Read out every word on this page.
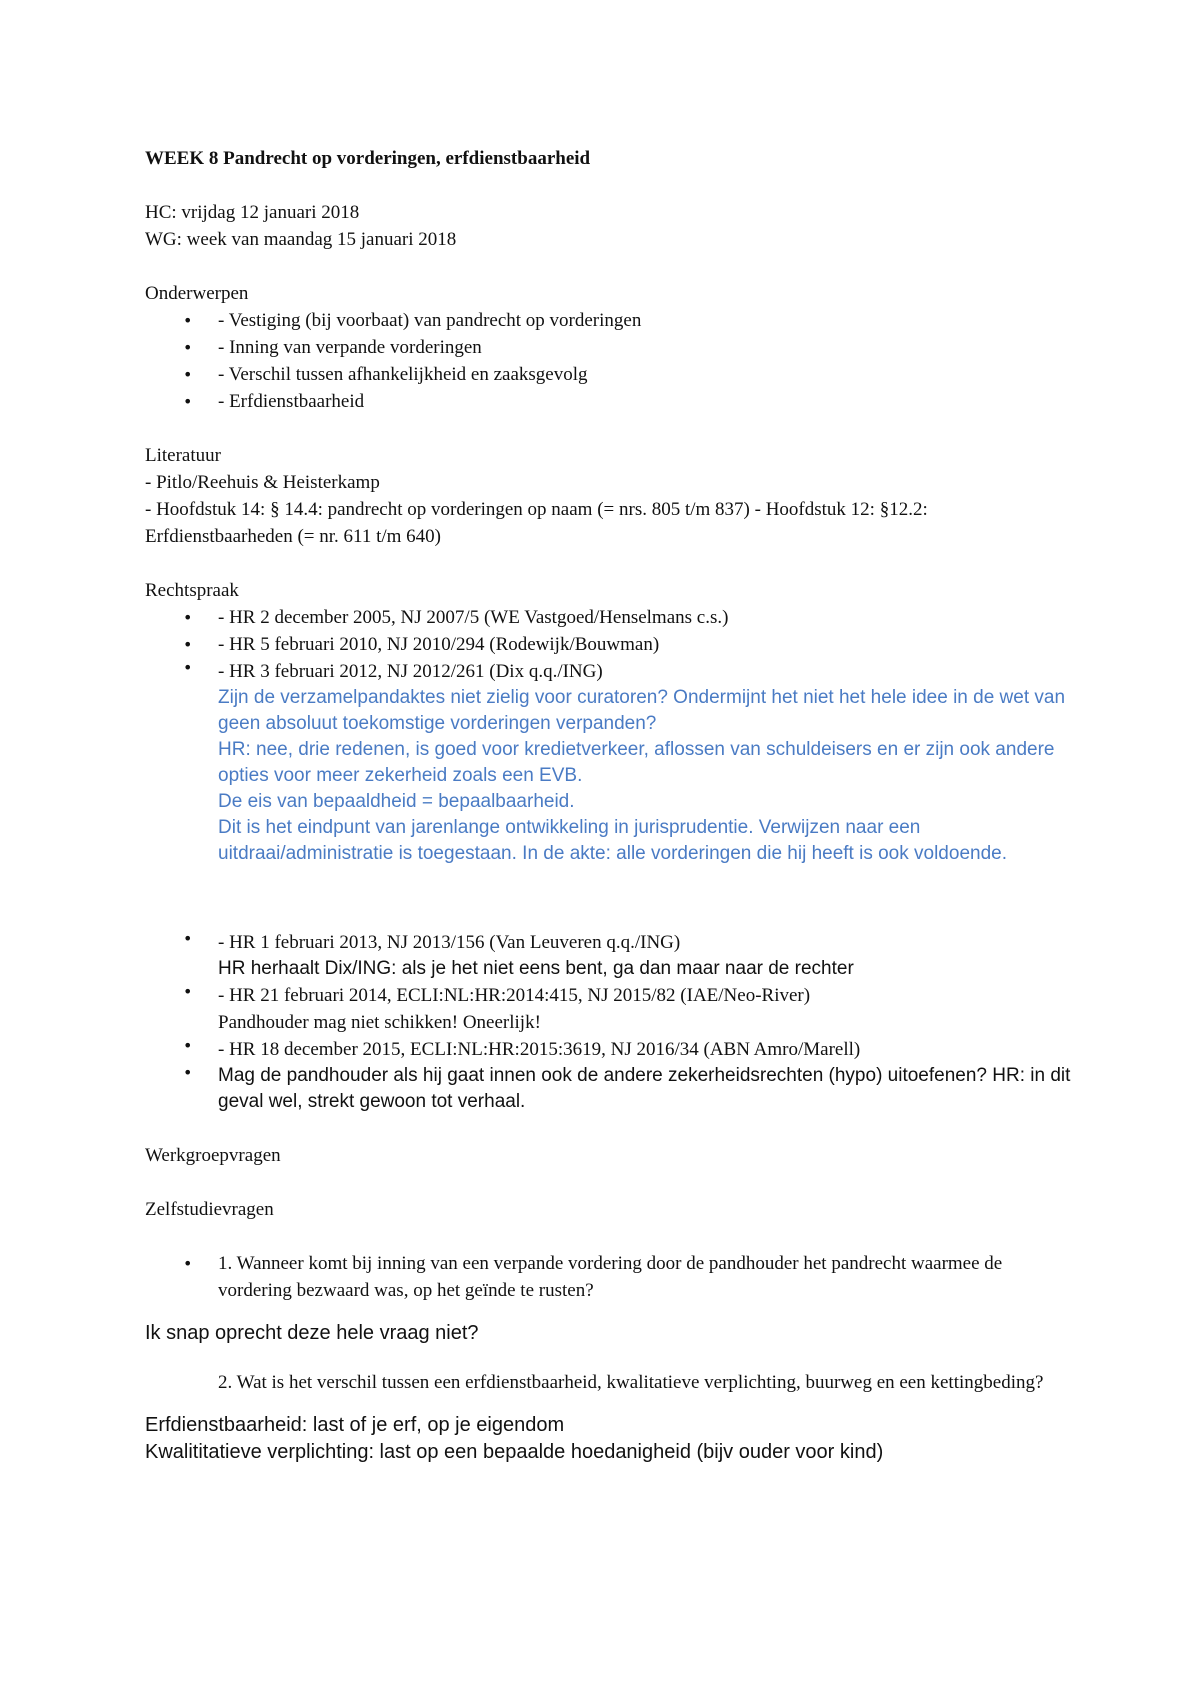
WEEK 8 Pandrecht op vorderingen, erfdienstbaarheid

HC: vrijdag 12 januari 2018

WG: week van maandag 15 januari 2018

Onderwerpen

• - Vestiging (bij voorbaat) van pandrecht op vorderingen
• - Inning van verpande vorderingen
• - Verschil tussen afhankelijkheid en zaaksgevolg
• - Erfdienstbaarheid

Literatuur

- Pitlo/Reehuis & Heisterkamp

- Hoofdstuk 14: § 14.4: pandrecht op vorderingen op naam (= nrs. 805 t/m 837) - Hoofdstuk 12: §12.2: Erfdienstbaarheden (= nr. 611 t/m 640)

Rechtspraak

• - HR 2 december 2005, NJ 2007/5 (WE Vastgoed/Henselmans c.s.)
• - HR 5 februari 2010, NJ 2010/294 (Rodewijk/Bouwman)
• - HR 3 februari 2012, NJ 2012/261 (Dix q.q./ING)

Zijn de verzamelpandaktes niet zielig voor curatoren? Ondermijnt het niet het hele idee in de wet van geen absoluut toekomstige vorderingen verpanden?

HR: nee, drie redenen, is goed voor kredietverkeer, aflossen van schuldeisers en er zijn ook andere opties voor meer zekerheid zoals een EVB.

De eis van bepaaldheid = bepaalbaarheid.

Dit is het eindpunt van jarenlange ontwikkeling in jurisprudentie. Verwijzen naar een uitdraai/administratie is toegestaan. In de akte: alle vorderingen die hij heeft is ook voldoende.

• - HR 1 februari 2013, NJ 2013/156 (Van Leuveren q.q./ING)

HR herhaalt Dix/ING: als je het niet eens bent, ga dan maar naar de rechter

• - HR 21 februari 2014, ECLI:NL:HR:2014:415, NJ 2015/82 (IAE/Neo-River)

Pandhouder mag niet schikken! Oneerlijk!

• - HR 18 december 2015, ECLI:NL:HR:2015:3619, NJ 2016/34 (ABN Amro/Marell)

• Mag de pandhouder als hij gaat innen ook de andere zekerheidsrechten (hypo) uitoefenen? HR: in dit geval wel, strekt gewoon tot verhaal.

Werkgroepvragen

Zelfstudievragen

• 1. Wanneer komt bij inning van een verpande vordering door de pandhouder het pandrecht waarmee de vordering bezwaard was, op het geïnde te rusten?

Ik snap oprecht deze hele vraag niet?

2. Wat is het verschil tussen een erfdienstbaarheid, kwalitatieve verplichting, buurweg en een kettingbeding?

Erfdienstbaarheid: last of je erf, op je eigendom

Kwalititatieve verplichting: last op een bepaalde hoedanigheid (bijv ouder voor kind)
